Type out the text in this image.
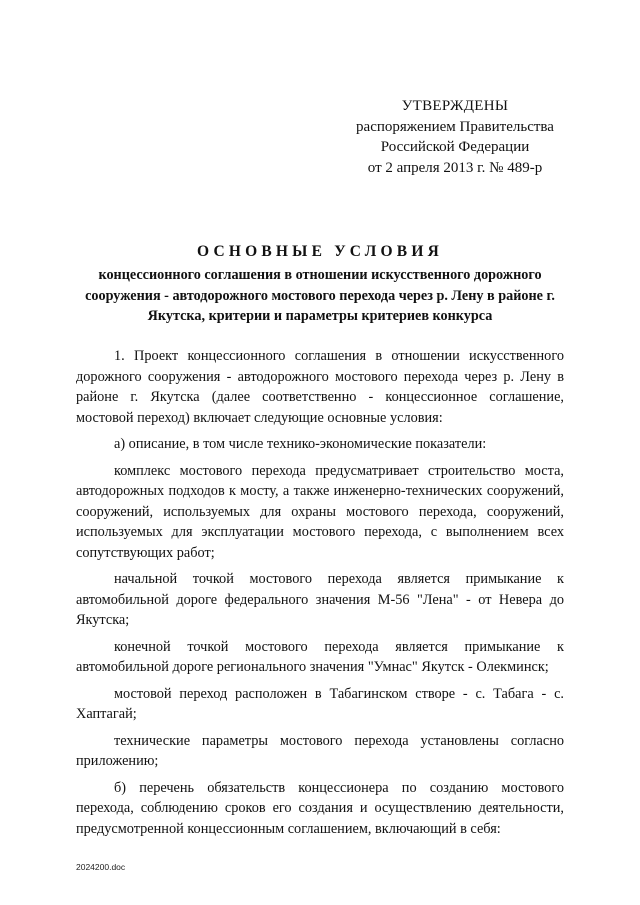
УТВЕРЖДЕНЫ
распоряжением Правительства
Российской Федерации
от 2 апреля 2013 г. № 489-р
ОСНОВНЫЕ УСЛОВИЯ
концессионного соглашения в отношении искусственного дорожного сооружения - автодорожного мостового перехода через р. Лену в районе г. Якутска, критерии и параметры критериев конкурса

1. Проект концессионного соглашения в отношении искусственного дорожного сооружения - автодорожного мостового перехода через р. Лену в районе г. Якутска (далее соответственно - концессионное соглашение, мостовой переход) включает следующие основные условия:

а) описание, в том числе технико-экономические показатели:

комплекс мостового перехода предусматривает строительство моста, автодорожных подходов к мосту, а также инженерно-технических сооружений, сооружений, используемых для охраны мостового перехода, сооружений, используемых для эксплуатации мостового перехода, с выполнением всех сопутствующих работ;

начальной точкой мостового перехода является примыкание к автомобильной дороге федерального значения М-56 "Лена" - от Невера до Якутска;

конечной точкой мостового перехода является примыкание к автомобильной дороге регионального значения "Умнас" Якутск - Олекминск;

мостовой переход расположен в Табагинском створе - с. Табага - с. Хаптагай;

технические параметры мостового перехода установлены согласно приложению;

б) перечень обязательств концессионера по созданию мостового перехода, соблюдению сроков его создания и осуществлению деятельности, предусмотренной концессионным соглашением, включающий в себя:

2024200.doc
